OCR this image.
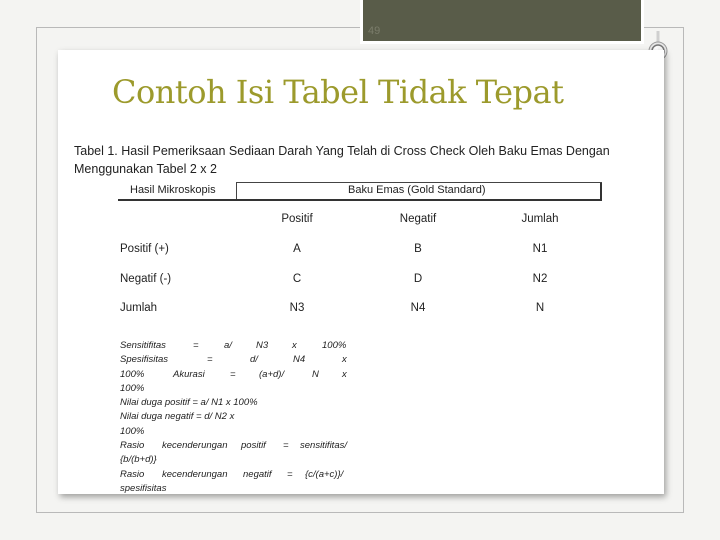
49
Contoh Isi Tabel Tidak Tepat
Tabel 1. Hasil Pemeriksaan Sediaan Darah Yang Telah di Cross Check Oleh Baku Emas Dengan Menggunakan Tabel 2 x 2
Hasil Mikroskopis	Baku Emas (Gold Standard)
Positif	Negatif	Jumlah
Positif (+)	A	B	N1
Negatif (-)	C	D	N2
Jumlah	N3	N4	N
Sensitifitas	=	a/	N3	x	100%
Spesifisitas	=	d/	N4	x
100%	Akurasi	= (a+d)/	N x
100%
Nilai duga positif = a/ N1 x 100%
Nilai duga negatif = d/ N2 x
100%
Rasio kecenderungan positif = sensitifitas/
{b/(b+d)}
Rasio kecenderungan negatif = {c/(a+c)}/
spesifisitas
